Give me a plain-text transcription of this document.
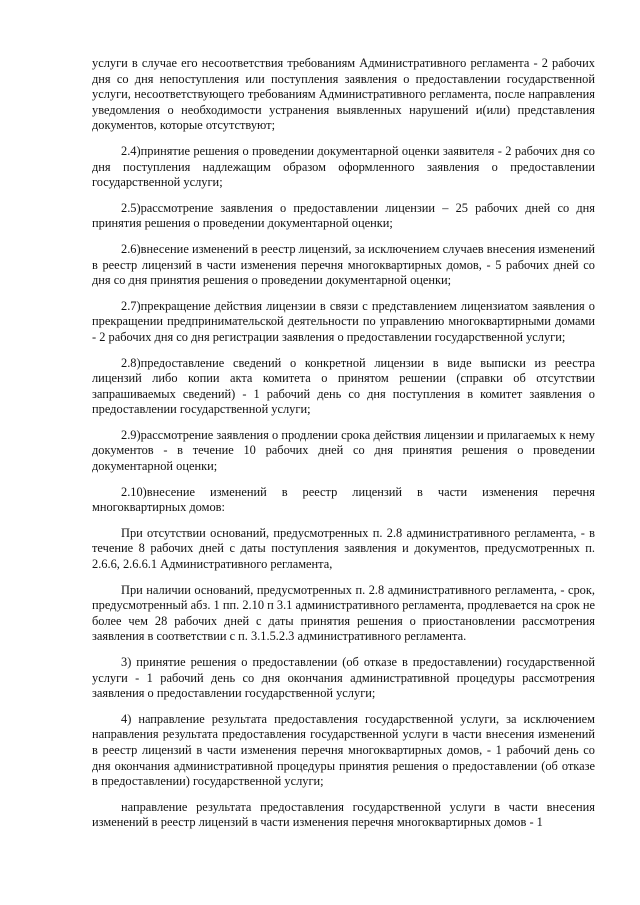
услуги в случае его несоответствия требованиям Административного регламента - 2 рабочих дня со дня непоступления или поступления заявления о предоставлении государственной услуги, несоответствующего требованиям Административного регламента, после направления уведомления о необходимости устранения выявленных нарушений и(или) представления документов, которые отсутствуют;

2.4)принятие решения о проведении документарной оценки заявителя - 2 рабочих дня со дня поступления надлежащим образом оформленного заявления о предоставлении государственной услуги;

2.5)рассмотрение заявления о предоставлении лицензии – 25 рабочих дней со дня принятия решения о проведении документарной оценки;

2.6)внесение изменений в реестр лицензий, за исключением случаев внесения изменений в реестр лицензий в части изменения перечня многоквартирных домов, - 5 рабочих дней со дня со дня принятия решения о проведении документарной оценки;

2.7)прекращение действия лицензии в связи с представлением лицензиатом заявления о прекращении предпринимательской деятельности по управлению многоквартирными домами - 2 рабочих дня со дня регистрации заявления о предоставлении государственной услуги;

2.8)предоставление сведений о конкретной лицензии в виде выписки из реестра лицензий либо копии акта комитета о принятом решении (справки об отсутствии запрашиваемых сведений) - 1 рабочий день со дня поступления в комитет заявления о предоставлении государственной услуги;

2.9)рассмотрение заявления о продлении срока действия лицензии и прилагаемых к нему документов - в течение 10 рабочих дней со дня принятия решения о проведении документарной оценки;

2.10)внесение изменений в реестр лицензий в части изменения перечня многоквартирных домов:

При отсутствии оснований, предусмотренных п. 2.8 административного регламента, - в течение 8 рабочих дней с даты поступления заявления и документов, предусмотренных п. 2.6.6, 2.6.6.1 Административного регламента,

При наличии оснований, предусмотренных п. 2.8 административного регламента, - срок, предусмотренный абз. 1 пп. 2.10 п 3.1 административного регламента, продлевается на срок не более чем 28 рабочих дней с даты принятия решения о приостановлении рассмотрения заявления в соответствии с п. 3.1.5.2.3 административного регламента.

3) принятие решения о предоставлении (об отказе в предоставлении) государственной услуги - 1 рабочий день со дня окончания административной процедуры рассмотрения заявления о предоставлении государственной услуги;

4) направление результата предоставления государственной услуги, за исключением направления результата предоставления государственной услуги в части внесения изменений в реестр лицензий в части изменения перечня многоквартирных домов, - 1 рабочий день со дня окончания административной процедуры принятия решения о предоставлении (об отказе в предоставлении) государственной услуги;

направление результата предоставления государственной услуги в части внесения изменений в реестр лицензий в части изменения перечня многоквартирных домов - 1
